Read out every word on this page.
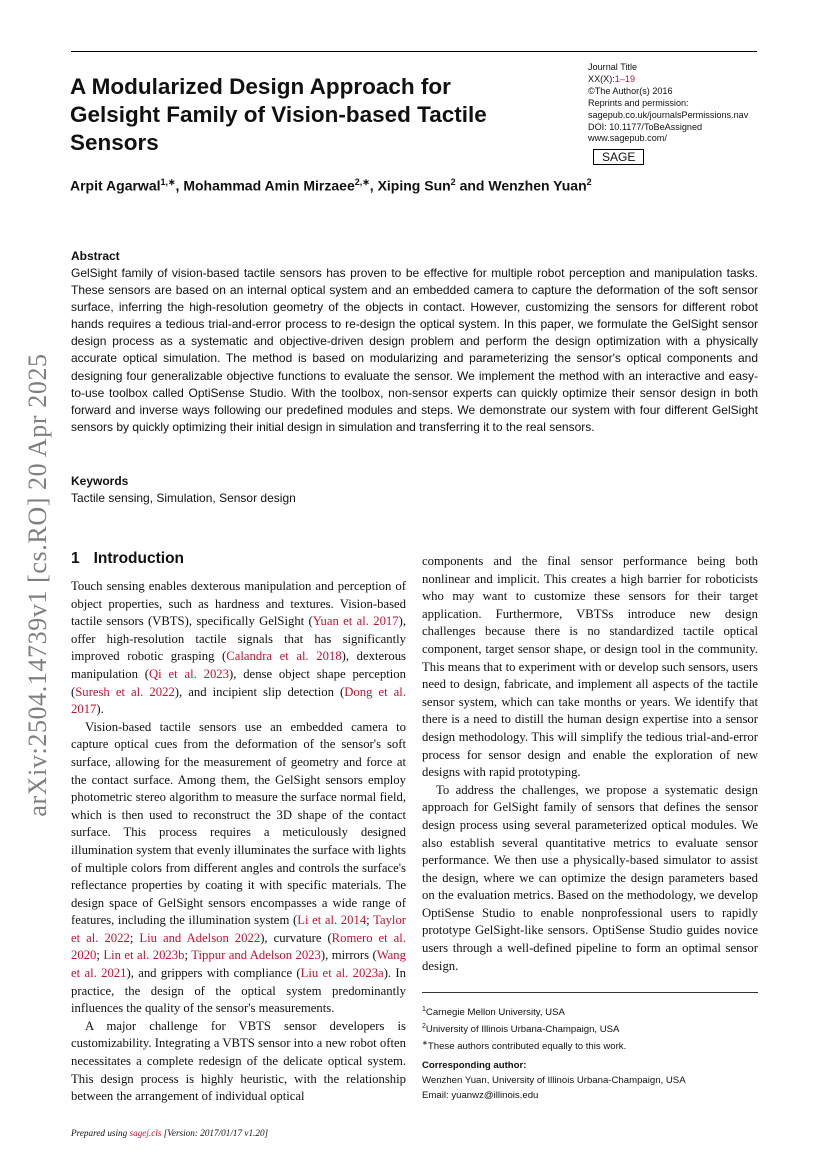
A Modularized Design Approach for Gelsight Family of Vision-based Tactile Sensors
Journal Title
XX(X):1–19
©The Author(s) 2016
Reprints and permission:
sagepub.co.uk/journalsPermissions.nav
DOI: 10.1177/ToBeAssigned
www.sagepub.com/
SAGE
Arpit Agarwal$^{1,∗}$, Mohammad Amin Mirzaee$^{2,∗}$, Xiping Sun$^2$ and Wenzhen Yuan$^2$
Abstract
GelSight family of vision-based tactile sensors has proven to be effective for multiple robot perception and manipulation tasks. These sensors are based on an internal optical system and an embedded camera to capture the deformation of the soft sensor surface, inferring the high-resolution geometry of the objects in contact. However, customizing the sensors for different robot hands requires a tedious trial-and-error process to re-design the optical system. In this paper, we formulate the GelSight sensor design process as a systematic and objective-driven design problem and perform the design optimization with a physically accurate optical simulation. The method is based on modularizing and parameterizing the sensor's optical components and designing four generalizable objective functions to evaluate the sensor. We implement the method with an interactive and easy-to-use toolbox called OptiSense Studio. With the toolbox, non-sensor experts can quickly optimize their sensor design in both forward and inverse ways following our predefined modules and steps. We demonstrate our system with four different GelSight sensors by quickly optimizing their initial design in simulation and transferring it to the real sensors.
Keywords
Tactile sensing, Simulation, Sensor design
arXiv:2504.14739v1 [cs.RO] 20 Apr 2025 1 Introduction

Touch sensing enables dexterous manipulation and perception of object properties, such as hardness and textures. Vision-based tactile sensors (VBTS), specifically GelSight (Yuan et al. 2017), offer high-resolution tactile signals that has significantly improved robotic grasping (Calandra et al. 2018), dexterous manipulation (Qi et al. 2023), dense object shape perception (Suresh et al. 2022), and incipient slip detection (Dong et al. 2017).

Vision-based tactile sensors use an embedded camera to capture optical cues from the deformation of the sensor's soft surface, allowing for the measurement of geometry and force at the contact surface. Among them, the GelSight sensors employ photometric stereo algorithm to measure the surface normal field, which is then used to reconstruct the 3D shape of the contact surface. This process requires a meticulously designed illumination system that evenly illuminates the surface with lights of multiple colors from different angles and controls the surface's reflectance properties by coating it with specific materials. The design space of GelSight sensors encompasses a wide range of features, including the illumination system (Li et al. 2014; Taylor et al. 2022; Liu and Adelson 2022), curvature (Romero et al. 2020; Lin et al. 2023b; Tippur and Adelson 2023), mirrors (Wang et al. 2021), and grippers with compliance (Liu et al. 2023a). In practice, the design of the optical system predominantly influences the quality of the sensor's measurements.

A major challenge for VBTS sensor developers is customizability. Integrating a VBTS sensor into a new robot often necessitates a complete redesign of the delicate optical system. This design process is highly heuristic, with the relationship between the arrangement of individual optical

components and the final sensor performance being both nonlinear and implicit. This creates a high barrier for roboticists who may want to customize these sensors for their target application. Furthermore, VBTSs introduce new design challenges because there is no standardized tactile optical component, target sensor shape, or design tool in the community. This means that to experiment with or develop such sensors, users need to design, fabricate, and implement all aspects of the tactile sensor system, which can take months or years. We identify that there is a need to distill the human design expertise into a sensor design methodology. This will simplify the tedious trial-and-error process for sensor design and enable the exploration of new designs with rapid prototyping.

To address the challenges, we propose a systematic design approach for GelSight family of sensors that defines the sensor design process using several parameterized optical modules. We also establish several quantitative metrics to evaluate sensor performance. We then use a physically-based simulator to assist the design, where we can optimize the design parameters based on the evaluation metrics. Based on the methodology, we develop OptiSense Studio to enable nonprofessional users to rapidly prototype GelSight-like sensors. OptiSense Studio guides novice users through a well-defined pipeline to form an optimal sensor design.

$^1$Carnegie Mellon University, USA
$^2$University of Illinois Urbana-Champaign, USA
∗These authors contributed equally to this work.
Corresponding author:
Wenzhen Yuan, University of Illinois Urbana-Champaign, USA
Email: yuanwz@illinois.edu
Prepared using sagej.cls [Version: 2017/01/17 v1.20]
